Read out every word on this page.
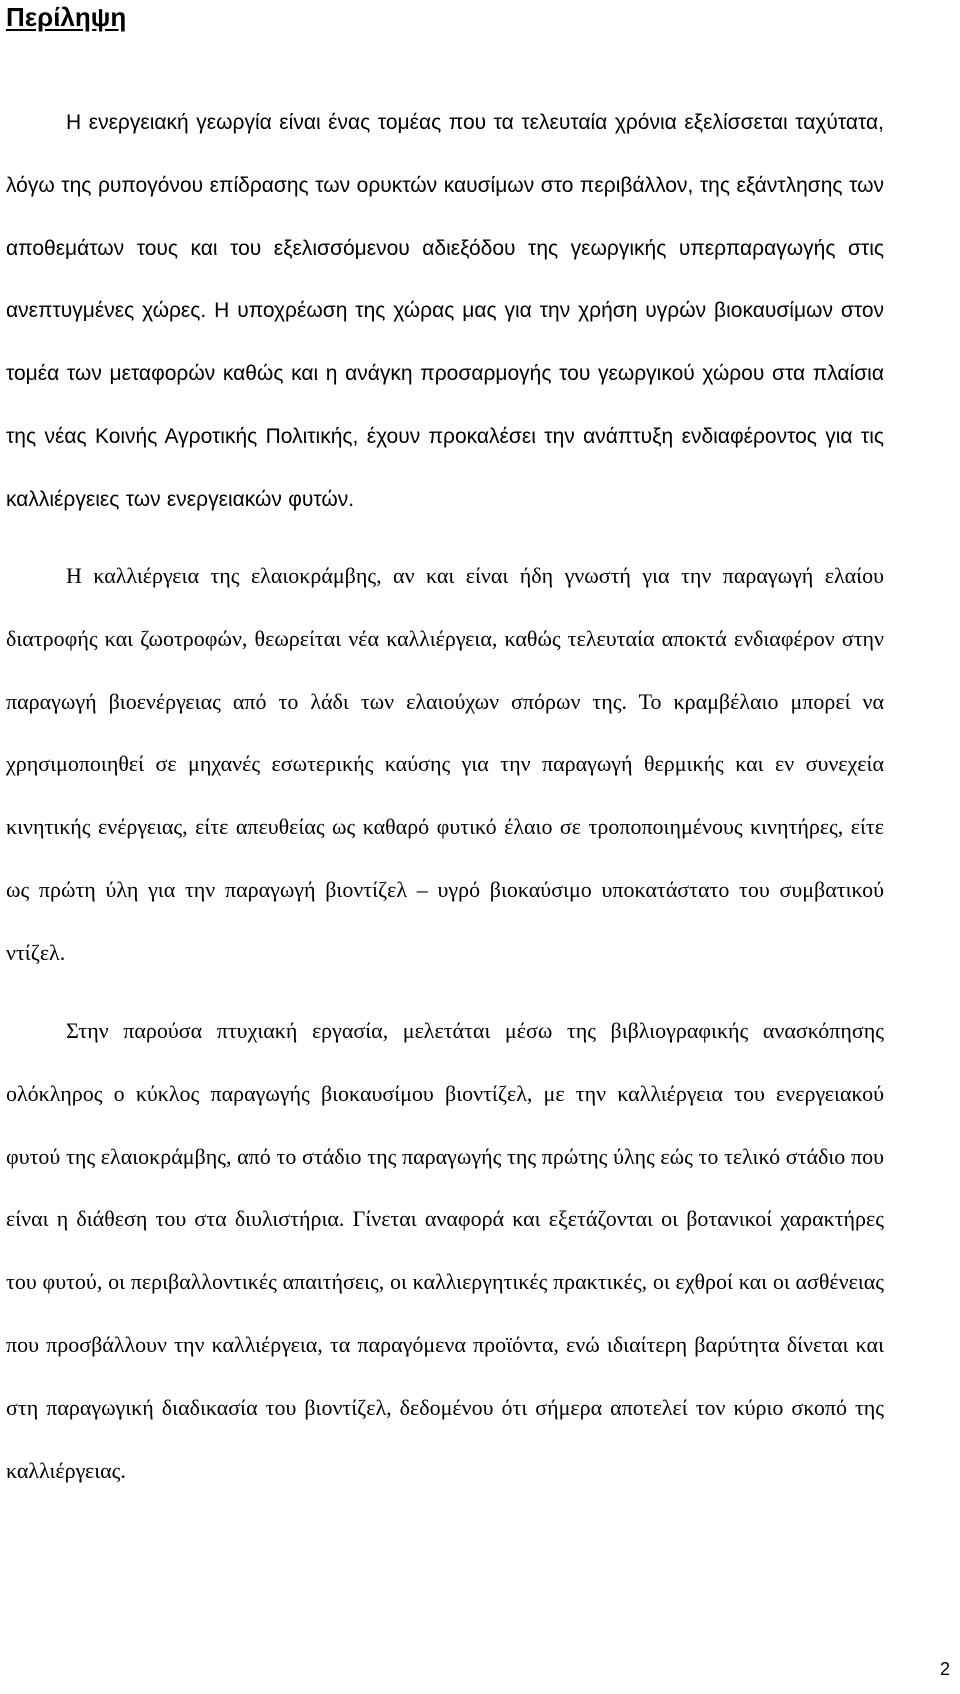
Περίληψη

Η ενεργειακή γεωργία είναι ένας τομέας που τα τελευταία χρόνια εξελίσσεται ταχύτατα, λόγω της ρυπογόνου επίδρασης των ορυκτών καυσίμων στο περιβάλλον, της εξάντλησης των αποθεμάτων τους και του εξελισσόμενου αδιεξόδου της γεωργικής υπερπαραγωγής στις ανεπτυγμένες χώρες. Η υποχρέωση της χώρας μας για την χρήση υγρών βιοκαυσίμων στον τομέα των μεταφορών καθώς και η ανάγκη προσαρμογής του γεωργικού χώρου στα πλαίσια της νέας Κοινής Αγροτικής Πολιτικής, έχουν προκαλέσει την ανάπτυξη ενδιαφέροντος για τις καλλιέργειες των ενεργειακών φυτών.

Η καλλιέργεια της ελαιοκράμβης, αν και είναι ήδη γνωστή για την παραγωγή ελαίου διατροφής και ζωοτροφών, θεωρείται νέα καλλιέργεια, καθώς τελευταία αποκτά ενδιαφέρον στην παραγωγή βιοενέργειας από το λάδι των ελαιούχων σπόρων της. Το κραμβέλαιο μπορεί να χρησιμοποιηθεί σε μηχανές εσωτερικής καύσης για την παραγωγή θερμικής και εν συνεχεία κινητικής ενέργειας, είτε απευθείας ως καθαρό φυτικό έλαιο σε τροποποιημένους κινητήρες, είτε ως πρώτη ύλη για την παραγωγή βιοντίζελ – υγρό βιοκαύσιμο υποκατάστατο του συμβατικού ντίζελ.

Στην παρούσα πτυχιακή εργασία, μελετάται μέσω της βιβλιογραφικής ανασκόπησης ολόκληρος ο κύκλος παραγωγής βιοκαυσίμου βιοντίζελ, με την καλλιέργεια του ενεργειακού φυτού της ελαιοκράμβης, από το στάδιο της παραγωγής της πρώτης ύλης εώς το τελικό στάδιο που είναι η διάθεση του στα διυλιστήρια. Γίνεται αναφορά και εξετάζονται οι βοτανικοί χαρακτήρες του φυτού, οι περιβαλλοντικές απαιτήσεις, οι καλλιεργητικές πρακτικές, οι εχθροί και οι ασθένειας που προσβάλλουν την καλλιέργεια, τα παραγόμενα προϊόντα, ενώ ιδιαίτερη βαρύτητα δίνεται και στη παραγωγική διαδικασία του βιοντίζελ, δεδομένου ότι σήμερα αποτελεί τον κύριο σκοπό της καλλιέργειας.

2
